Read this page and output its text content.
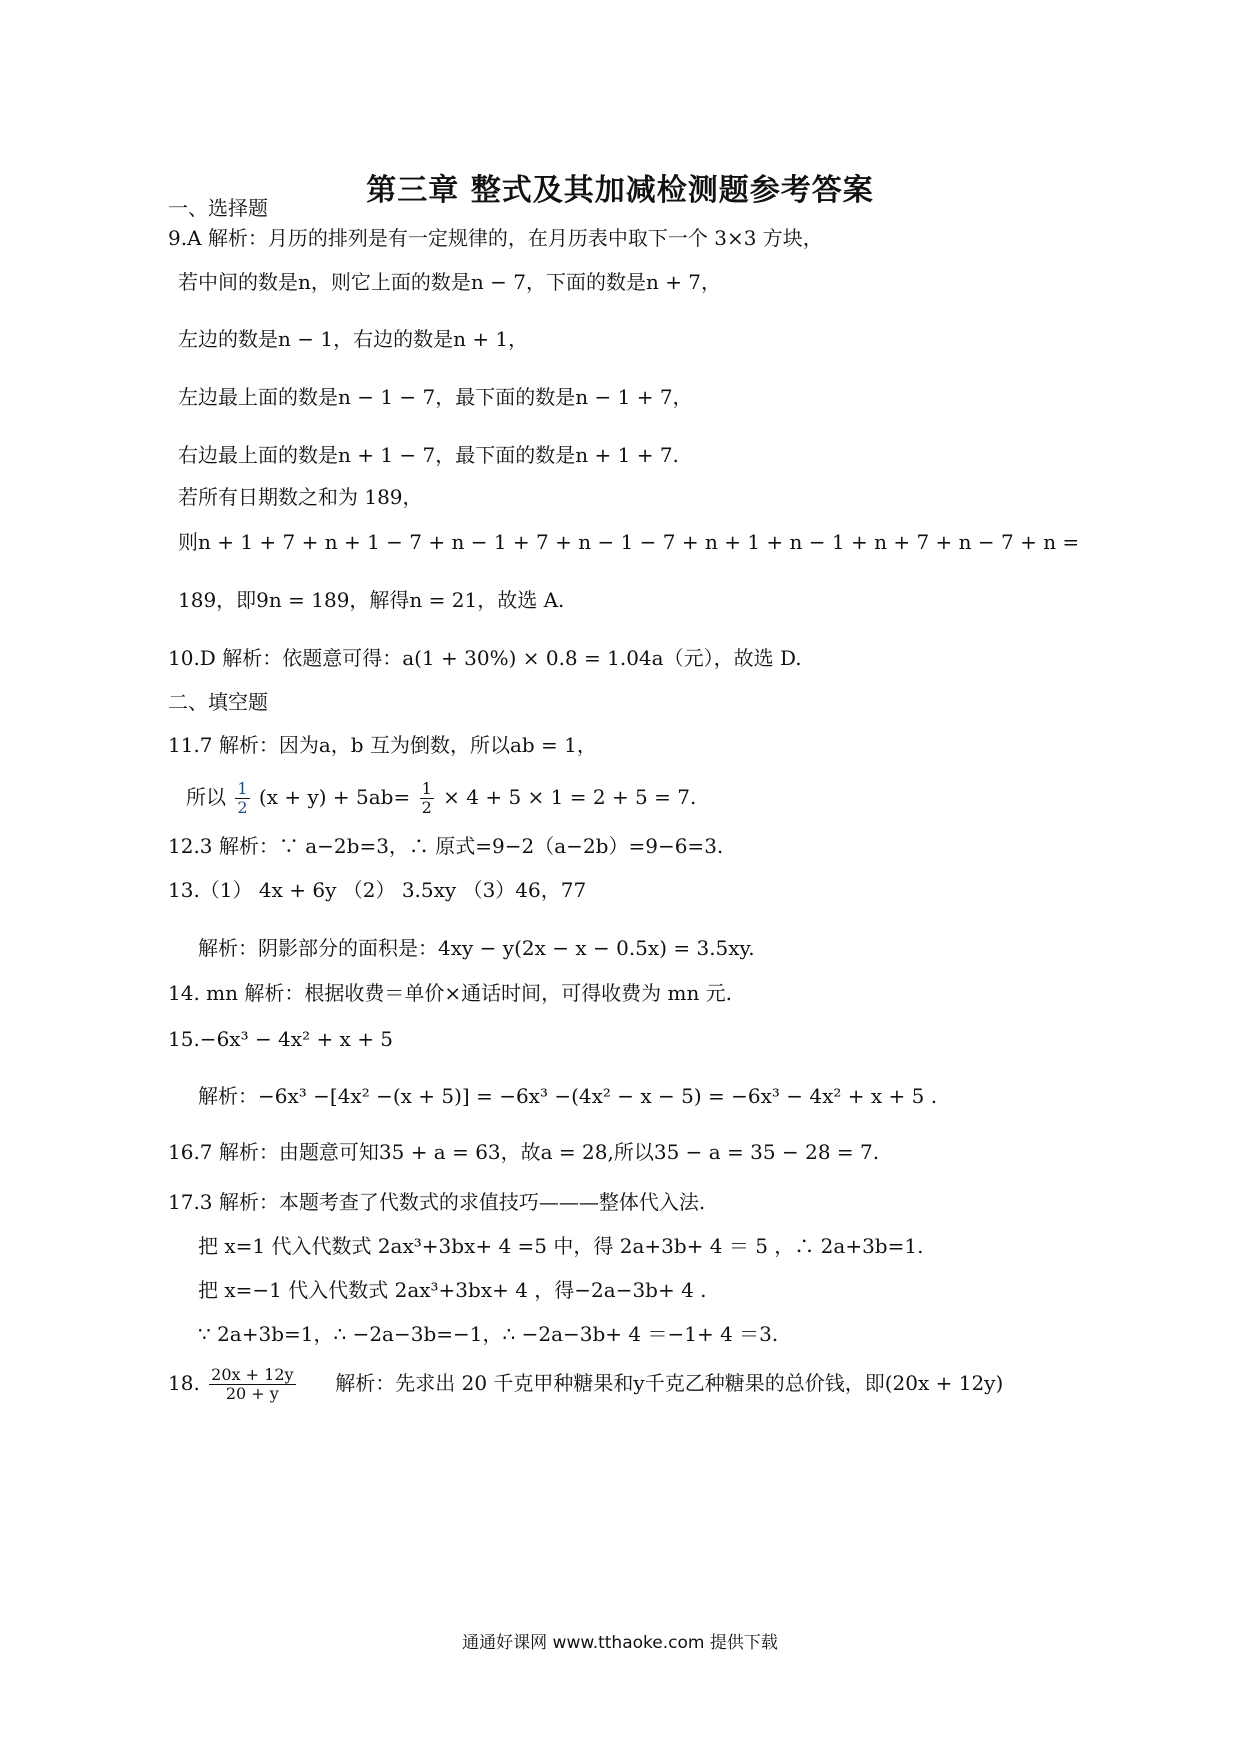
第三章 整式及其加减检测题参考答案
一、选择题
9.A 解析：月历的排列是有一定规律的，在月历表中取下一个 3×3 方块，
若中间的数是n，则它上面的数是n − 7，下面的数是n + 7，
左边的数是n − 1，右边的数是n + 1，
左边最上面的数是n − 1 − 7，最下面的数是n − 1 + 7，
右边最上面的数是n + 1 − 7，最下面的数是n + 1 + 7.
若所有日期数之和为 189，
则n + 1 + 7 + n + 1 − 7 + n − 1 + 7 + n − 1 − 7 + n + 1 + n − 1 + n + 7 + n − 7 + n =
189，即9n = 189，解得n = 21，故选 A.
10.D 解析：依题意可得：a(1 + 30%) × 0.8 = 1.04a（元），故选 D.
二、填空题
11.7 解析：因为a，b 互为倒数，所以ab = 1，
所以 $\frac{1}{2} (x + y) + 5ab= \frac{1}{2} \times 4 + 5 \times 1 = 2 + 5 = 7$.
12.3 解析：∵ a−2b=3，∴ 原式=9−2（a−2b）=9−6=3.
13.（1） 4x + 6y （2） 3.5xy （3）46，77
解析：阴影部分的面积是：4xy − y(2x − x − 0.5x) = 3.5xy.
14. mn 解析：根据收费＝单价×通话时间，可得收费为 mn 元.
15.−6x³ − 4x² + x + 5
解析：−6x³ −[4x² −(x + 5)] = −6x³ −(4x² − x − 5) = −6x³ − 4x² + x + 5 .
16.7 解析：由题意可知35 + a = 63，故a = 28,所以35 − a = 35 − 28 = 7.
17.3 解析：本题考查了代数式的求值技巧———整体代入法.
把 x=1 代入代数式 2ax³+3bx+ 4 =5 中，得 2a+3b+ 4 ＝ 5 ，∴ 2a+3b=1.
把 x=−1 代入代数式 2ax³+3bx+ 4 ，得−2a−3b+ 4 .
∵ 2a+3b=1，∴ −2a−3b=−1，∴ −2a−3b+ 4 ＝−1+ 4 ＝3.
18. $\frac{20x + 12y}{20 + y}$ 解析：先求出 20 千克甲种糖果和y千克乙种糖果的总价钱，即(20x + 12y)
通通好课网 www.tthaoke.com 提供下载
